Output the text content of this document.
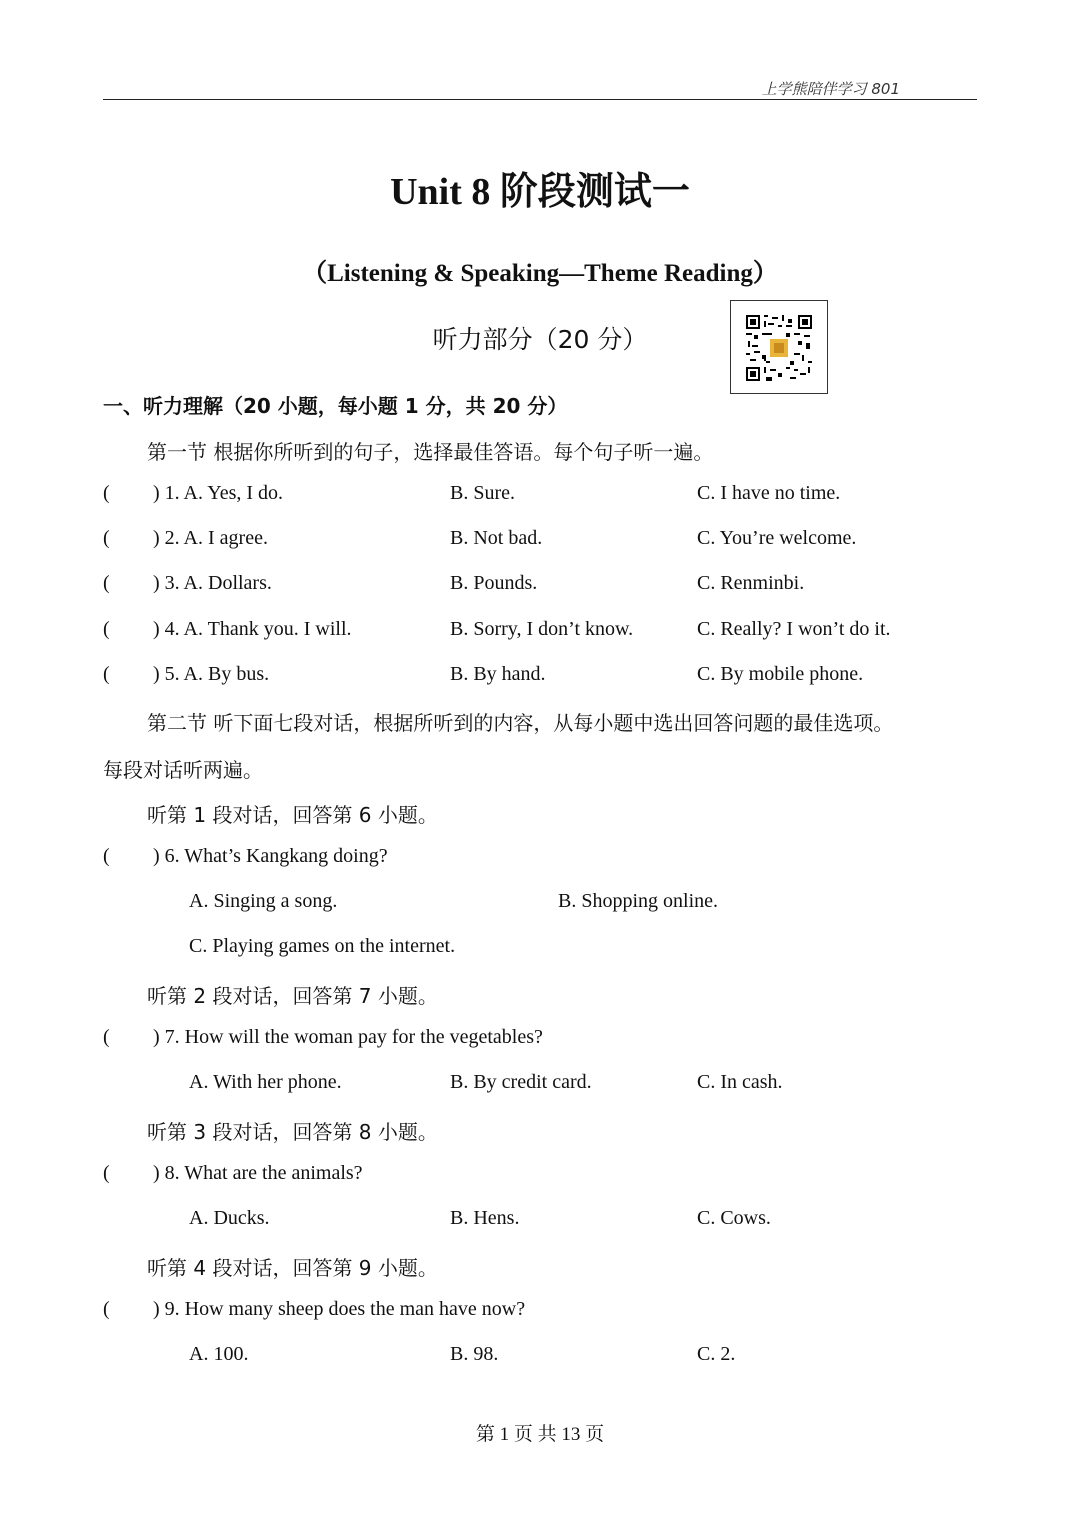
上学熊陪伴学习 801
Unit 8 阶段测试一
（Listening & Speaking—Theme Reading）
听力部分（20 分）
一、听力理解（20 小题，每小题 1 分，共 20 分）
第一节 根据你所听到的句子，选择最佳答语。每个句子听一遍。
( ) 1. A. Yes, I do.	B. Sure.	C. I have no time.
( ) 2. A. I agree.	B. Not bad.	C. You’re welcome.
( ) 3. A. Dollars.	B. Pounds.	C. Renminbi.
( ) 4. A. Thank you. I will.	B. Sorry, I don’t know.	C. Really? I won’t do it.
( ) 5. A. By bus.	B. By hand.	C. By mobile phone.
第二节 听下面七段对话，根据所听到的内容，从每小题中选出回答问题的最佳选项。
每段对话听两遍。
听第 1 段对话，回答第 6 小题。
( ) 6. What’s Kangkang doing?
A. Singing a song.	B. Shopping online.
C. Playing games on the internet.
听第 2 段对话，回答第 7 小题。
( ) 7. How will the woman pay for the vegetables?
A. With her phone.	B. By credit card.	C. In cash.
听第 3 段对话，回答第 8 小题。
( ) 8. What are the animals?
A. Ducks.	B. Hens.	C. Cows.
听第 4 段对话，回答第 9 小题。
( ) 9. How many sheep does the man have now?
A. 100.	B. 98.	C. 2.
第 1 页 共 13 页
